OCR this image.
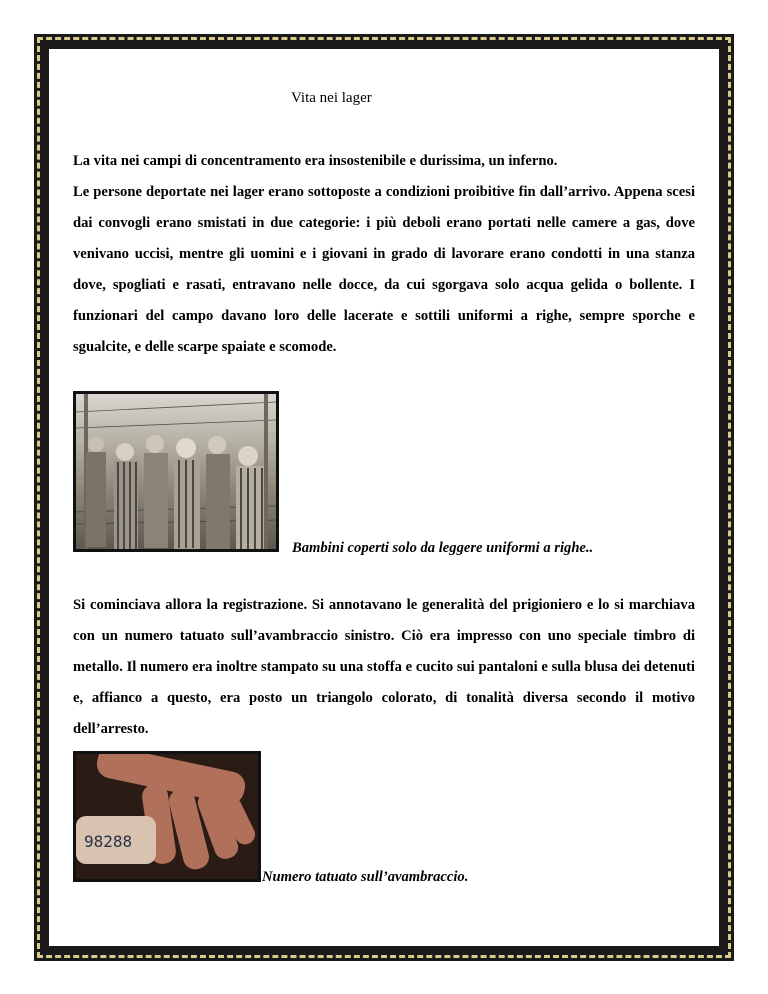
Vita nei lager

La vita nei campi di concentramento era insostenibile e durissima, un inferno.
Le persone deportate nei lager erano sottoposte a condizioni proibitive fin dall’arrivo. Appena scesi dai convogli erano smistati in due categorie: i più deboli erano portati nelle camere a gas, dove venivano uccisi, mentre gli uomini e i giovani in grado di lavorare erano condotti in una stanza dove, spogliati e rasati, entravano nelle docce, da cui sgorgava solo acqua gelida o bollente. I funzionari del campo davano loro delle lacerate e sottili uniformi a righe, sempre sporche e sgualcite, e delle scarpe spaiate e scomode.

Bambini coperti solo da leggere uniformi a righe..

Si cominciava allora la registrazione. Si annotavano le generalità del prigioniero e lo si marchiava con un numero tatuato sull’avambraccio sinistro. Ciò era impresso con uno speciale timbro di metallo. Il numero era inoltre stampato su una stoffa e cucito sui pantaloni e sulla blusa dei detenuti e, affianco a questo, era posto un triangolo colorato, di tonalità diversa secondo il motivo dell’arresto.

98288

Numero tatuato sull’avambraccio.
